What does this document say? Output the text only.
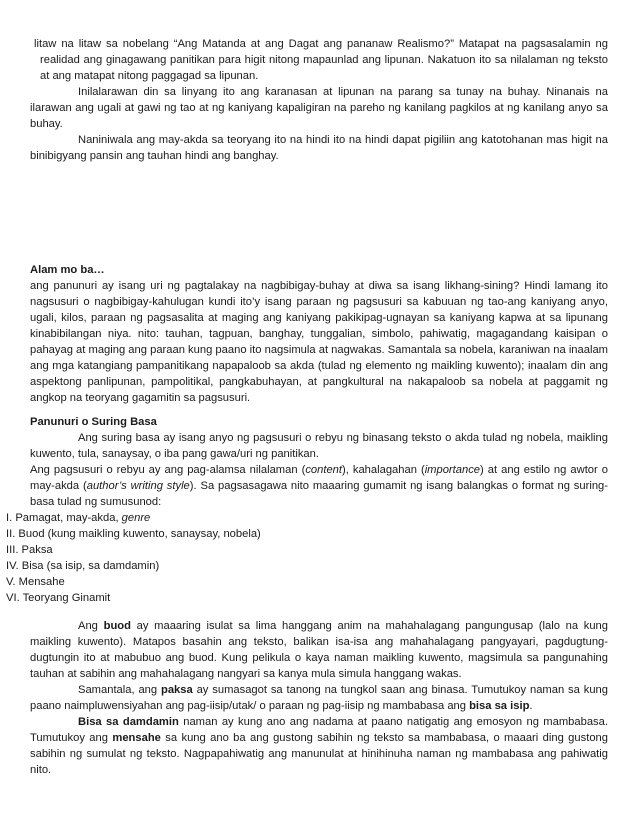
litaw na litaw sa nobelang “Ang Matanda at ang Dagat ang pananaw Realismo?” Matapat na pagsasalamin ng realidad ang ginagawang panitikan para higit nitong mapaunlad ang lipunan. Nakatuon ito sa nilalaman ng teksto at ang matapat nitong paggagad sa lipunan.

Inilalarawan din sa linyang ito ang karanasan at lipunan na parang sa tunay na buhay. Ninanais na ilarawan ang ugali at gawi ng tao at ng kaniyang kapaligiran na pareho ng kanilang pagkilos at ng kanilang anyo sa buhay.

Naniniwala ang may-akda sa teoryang ito na hindi ito na hindi dapat pigiliin ang katotohanan mas higit na binibigyang pansin ang tauhan hindi ang banghay.

Alam mo ba…

ang panunuri ay isang uri ng pagtalakay na nagbibigay-buhay at diwa sa isang likhang-sining? Hindi lamang ito nagsusuri o nagbibigay-kahulugan kundi ito’y isang paraan ng pagsusuri sa kabuuan ng tao-ang kaniyang anyo, ugali, kilos, paraan ng pagsasalita at maging ang kaniyang pakikipag-ugnayan sa kaniyang kapwa at sa lipunang kinabibilangan niya. nito: tauhan, tagpuan, banghay, tunggalian, simbolo, pahiwatig, magagandang kaisipan o pahayag at maging ang paraan kung paano ito nagsimula at nagwakas. Samantala sa nobela, karaniwan na inaalam ang mga katangiang pampanitikang napapaloob sa akda (tulad ng elemento ng maikling kuwento); inaalam din ang aspektong panlipunan, pampolitikal, pangkabuhayan, at pangkultural na nakapaloob sa nobela at paggamit ng angkop na teoryang gagamitin sa pagsusuri.

Panunuri o Suring Basa

Ang suring basa ay isang anyo ng pagsusuri o rebyu ng binasang teksto o akda tulad ng nobela, maikling kuwento, tula, sanaysay, o iba pang gawa/uri ng panitikan.

Ang pagsusuri o rebyu ay ang pag-alamsa nilalaman (content), kahalagahan (importance) at ang estilo ng awtor o may-akda (author’s writing style). Sa pagsasagawa nito maaaring gumamit ng isang balangkas o format ng suring-basa tulad ng sumusunod:

I. Pamagat, may-akda, genre
II. Buod (kung maikling kuwento, sanaysay, nobela)
III. Paksa
IV. Bisa (sa isip, sa damdamin)
V. Mensahe
VI. Teoryang Ginamit

Ang buod ay maaaring isulat sa lima hanggang anim na mahahalagang pangungusap (lalo na kung maikling kuwento). Matapos basahin ang teksto, balikan isa-isa ang mahahalagang pangyayari, pagdugtung-dugtungin ito at mabubuo ang buod. Kung pelikula o kaya naman maikling kuwento, magsimula sa pangunahing tauhan at sabihin ang mahahalagang nangyari sa kanya mula simula hanggang wakas.

Samantala, ang paksa ay sumasagot sa tanong na tungkol saan ang binasa. Tumutukoy naman sa kung paano naimpluwensiyahan ang pag-iisip/utak/ o paraan ng pag-iisip ng mambabasa ang bisa sa isip.

Bisa sa damdamin naman ay kung ano ang nadama at paano natigatig ang emosyon ng mambabasa. Tumutukoy ang mensahe sa kung ano ba ang gustong sabihin ng teksto sa mambabasa, o maaari ding gustong sabihin ng sumulat ng teksto. Nagpapahiwatig ang manunulat at hinihinuha naman ng mambabasa ang pahiwatig nito.
